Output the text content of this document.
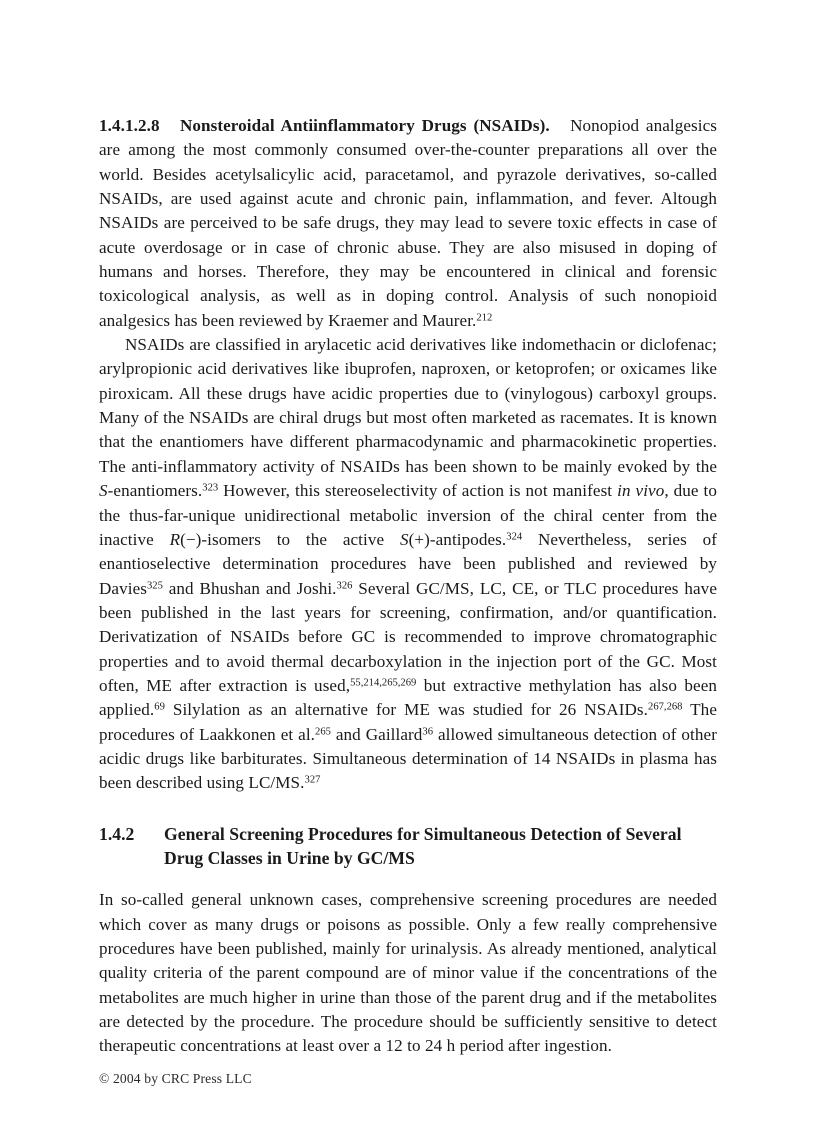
1.4.1.2.8 Nonsteroidal Antiinflammatory Drugs (NSAIDs). Nonopiod analgesics are among the most commonly consumed over-the-counter preparations all over the world. Besides acetylsalicylic acid, paracetamol, and pyrazole derivatives, so-called NSAIDs, are used against acute and chronic pain, inflammation, and fever. Altough NSAIDs are perceived to be safe drugs, they may lead to severe toxic effects in case of acute overdosage or in case of chronic abuse. They are also misused in doping of humans and horses. Therefore, they may be encountered in clinical and forensic toxicological analysis, as well as in doping control. Analysis of such nonopioid analgesics has been reviewed by Kraemer and Maurer.$^{212}$

NSAIDs are classified in arylacetic acid derivatives like indomethacin or diclofenac; arylpropionic acid derivatives like ibuprofen, naproxen, or ketoprofen; or oxicames like piroxicam. All these drugs have acidic properties due to (vinylogous) carboxyl groups. Many of the NSAIDs are chiral drugs but most often marketed as racemates. It is known that the enantiomers have different pharmacodynamic and pharmacokinetic properties. The anti-inflammatory activity of NSAIDs has been shown to be mainly evoked by the S-enantiomers.$^{323}$ However, this stereoselectivity of action is not manifest in vivo, due to the thus-far-unique unidirectional metabolic inversion of the chiral center from the inactive R(−)-isomers to the active S(+)-antipodes.$^{324}$ Nevertheless, series of enantioselective determination procedures have been published and reviewed by Davies$^{325}$ and Bhushan and Joshi.$^{326}$ Several GC/MS, LC, CE, or TLC procedures have been published in the last years for screening, confirmation, and/or quantification. Derivatization of NSAIDs before GC is recommended to improve chromatographic properties and to avoid thermal decarboxylation in the injection port of the GC. Most often, ME after extraction is used,$^{55,214,265,269}$ but extractive methylation has also been applied.$^{69}$ Silylation as an alternative for ME was studied for 26 NSAIDs.$^{267,268}$ The procedures of Laakkonen et al.$^{265}$ and Gaillard$^{36}$ allowed simultaneous detection of other acidic drugs like barbiturates. Simultaneous determination of 14 NSAIDs in plasma has been described using LC/MS.$^{327}$

1.4.2	General Screening Procedures for Simultaneous Detection of Several Drug Classes in Urine by GC/MS

In so-called general unknown cases, comprehensive screening procedures are needed which cover as many drugs or poisons as possible. Only a few really comprehensive procedures have been published, mainly for urinalysis. As already mentioned, analytical quality criteria of the parent compound are of minor value if the concentrations of the metabolites are much higher in urine than those of the parent drug and if the metabolites are detected by the procedure. The procedure should be sufficiently sensitive to detect therapeutic concentrations at least over a 12 to 24 h period after ingestion.

© 2004 by CRC Press LLC
